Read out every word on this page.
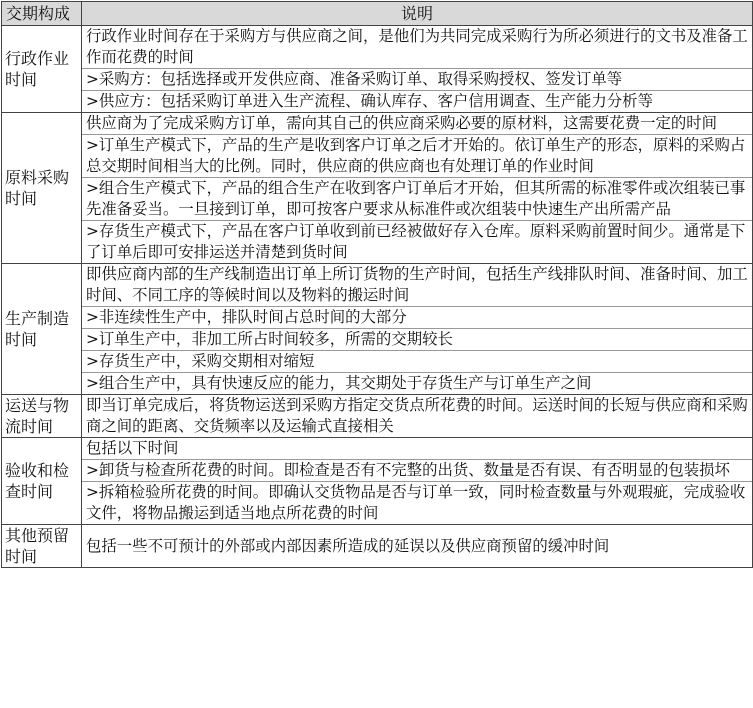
交期构成	说明
行政作业时间	行政作业时间存在于采购方与供应商之间，是他们为共同完成采购行为所必须进行的文书及准备工作而花费的时间
>采购方：包括选择或开发供应商、准备采购订单、取得采购授权、签发订单等
>供应方：包括采购订单进入生产流程、确认库存、客户信用调查、生产能力分析等

原料采购时间	供应商为了完成采购方订单，需向其自己的供应商采购必要的原材料，这需要花费一定的时间
>订单生产模式下，产品的生产是收到客户订单之后才开始的。依订单生产的形态，原料的采购占总交期时间相当大的比例。同时，供应商的供应商也有处理订单的作业时间
>组合生产模式下，产品的组合生产在收到客户订单后才开始，但其所需的标准零件或次组装已事先准备妥当。一旦接到订单，即可按客户要求从标准件或次组装中快速生产出所需产品
>存货生产模式下，产品在客户订单收到前已经被做好存入仓库。原料采购前置时间少。通常是下了订单后即可安排运送并清楚到货时间

生产制造时间	即供应商内部的生产线制造出订单上所订货物的生产时间，包括生产线排队时间、准备时间、加工时间、不同工序的等候时间以及物料的搬运时间
>非连续性生产中，排队时间占总时间的大部分
>订单生产中，非加工所占时间较多，所需的交期较长
>存货生产中，采购交期相对缩短
>组合生产中，具有快速反应的能力，其交期处于存货生产与订单生产之间

运送与物流时间	即当订单完成后，将货物运送到采购方指定交货点所花费的时间。运送时间的长短与供应商和采购商之间的距离、交货频率以及运输式直接相关

验收和检查时间	包括以下时间
>卸货与检查所花费的时间。即检查是否有不完整的出货、数量是否有误、有否明显的包装损坏
>拆箱检验所花费的时间。即确认交货物品是否与订单一致，同时检查数量与外观瑕疵，完成验收文件，将物品搬运到适当地点所花费的时间

其他预留时间	包括一些不可预计的外部或内部因素所造成的延误以及供应商预留的缓冲时间
